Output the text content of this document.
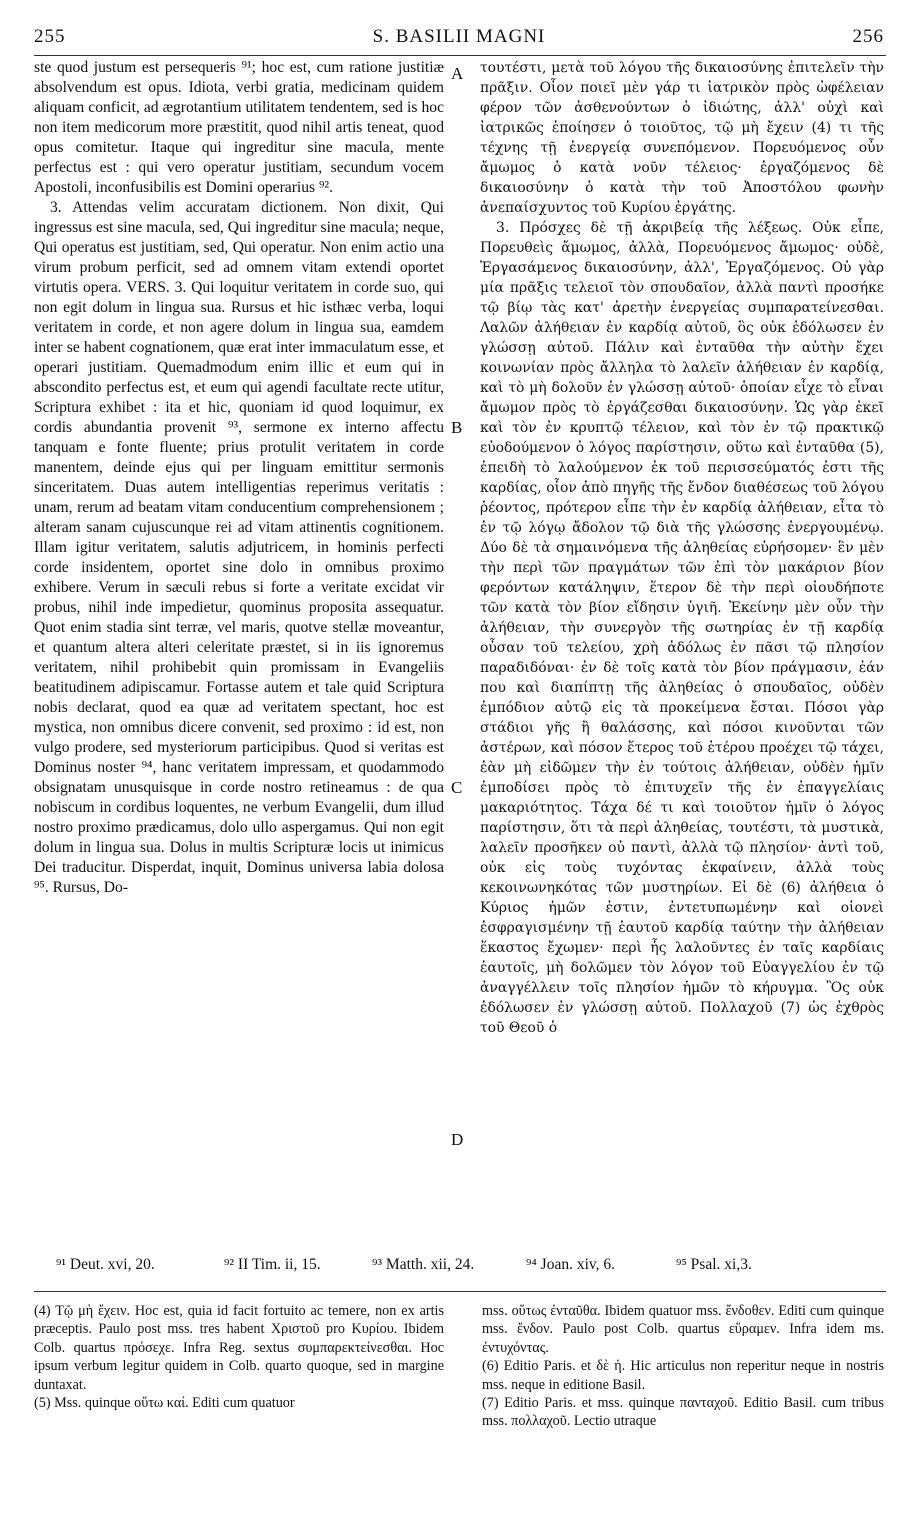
255	S. BASILII MAGNI	256

ste quod justum est persequeris ⁹¹; hoc est, cum ratione justitiæ absolvendum est opus. Idiota, verbi gratia, medicinam quidem aliquam conficit, ad ægrotantium utilitatem tendentem, sed is hoc non item medicorum more præstitit, quod nihil artis teneat, quod opus comitetur. Itaque qui ingreditur sine macula, mente perfectus est : qui vero operatur justitiam, secundum vocem Apostoli, inconfusibilis est Domini operarius ⁹².

3. Attendas velim accuratam dictionem. Non dixit, Qui ingressus est sine macula, sed, Qui ingreditur sine macula; neque, Qui operatus est justitiam, sed, Qui operatur. Non enim actio una virum probum perficit, sed ad omnem vitam extendi oportet virtutis opera. VERS. 3. Qui loquitur veritatem in corde suo, qui non egit dolum in lingua sua. Rursus et hic isthæc verba, loqui veritatem in corde, et non agere dolum in lingua sua, eamdem inter se habent cognationem, quæ erat inter immaculatum esse, et operari justitiam. Quemadmodum enim illic et eum qui in abscondito perfectus est, et eum qui agendi facultate recte utitur, Scriptura exhibet : ita et hic, quoniam id quod loquimur, ex cordis abundantia provenit ⁹³, sermone ex interno affectu tanquam e fonte fluente; prius protulit veritatem in corde manentem, deinde ejus qui per linguam emittitur sermonis sinceritatem. Duas autem intelligentias reperimus veritatis : unam, rerum ad beatam vitam conducentium comprehensionem ; alteram sanam cujuscunque rei ad vitam attinentis cognitionem. Illam igitur veritatem, salutis adjutricem, in hominis perfecti corde insidentem, oportet sine dolo in omnibus proximo exhibere. Verum in sæculi rebus si forte a veritate excidat vir probus, nihil inde impedietur, quominus proposita assequatur. Quot enim stadia sint terræ, vel maris, quotve stellæ moveantur, et quantum altera alteri celeritate præstet, si in iis ignoremus veritatem, nihil prohibebit quin promissam in Evangeliis beatitudinem adipiscamur. Fortasse autem et tale quid Scriptura nobis declarat, quod ea quæ ad veritatem spectant, hoc est mystica, non omnibus dicere convenit, sed proximo : id est, non vulgo prodere, sed mysteriorum participibus. Quod si veritas est Dominus noster ⁹⁴, hanc veritatem impressam, et quodammodo obsignatam unusquisque in corde nostro retineamus : de qua nobiscum in cordibus loquentes, ne verbum Evangelii, dum illud nostro proximo prædicamus, dolo ullo aspergamus. Qui non egit dolum in lingua sua. Dolus in multis Scripturæ locis ut inimicus Dei traducitur. Disperdat, inquit, Dominus universa labia dolosa ⁹⁵. Rursus, Do-

A
B
C
D

τουτέστι, μετὰ τοῦ λόγου τῆς δικαιοσύνης ἐπιτελεῖν τὴν πρᾶξιν. Οἷον ποιεῖ μὲν γάρ τι ἰατρικὸν πρὸς ὠφέλειαν φέρον τῶν ἀσθενούντων ὁ ἰδιώτης, ἀλλ' οὐχὶ καὶ ἰατρικῶς ἐποίησεν ὁ τοιοῦτος, τῷ μὴ ἔχειν (4) τι τῆς τέχνης τῇ ἐνεργείᾳ συνεπόμενον. Πορευόμενος οὖν ἄμωμος ὁ κατὰ νοῦν τέλειος· ἐργαζόμενος δὲ δικαιοσύνην ὁ κατὰ τὴν τοῦ Ἀποστόλου φωνὴν ἀνεπαίσχυντος τοῦ Κυρίου ἐργάτης.

3. Πρόσχες δὲ τῇ ἀκριβείᾳ τῆς λέξεως. Οὐκ εἶπε, Πορευθεὶς ἄμωμος, ἀλλὰ, Πορευόμενος ἄμωμος· οὐδὲ, Ἐργασάμενος δικαιοσύνην, ἀλλ', Ἐργαζόμενος. Οὐ γὰρ μία πρᾶξις τελειοῖ τὸν σπουδαῖον, ἀλλὰ παντὶ προσήκε τῷ βίῳ τὰς κατ' ἀρετὴν ἐνεργείας συμπαρατείνεσθαι. Λαλῶν ἀλήθειαν ἐν καρδίᾳ αὐτοῦ, ὃς οὐκ ἐδόλωσεν ἐν γλώσσῃ αὐτοῦ. Πάλιν καὶ ἐνταῦθα τὴν αὐτὴν ἔχει κοινωνίαν πρὸς ἄλληλα τὸ λαλεῖν ἀλήθειαν ἐν καρδίᾳ, καὶ τὸ μὴ δολοῦν ἐν γλώσσῃ αὐτοῦ· ὁποίαν εἶχε τὸ εἶναι ἄμωμον πρὸς τὸ ἐργάζεσθαι δικαιοσύνην. Ὡς γὰρ ἐκεῖ καὶ τὸν ἐν κρυπτῷ τέλειον, καὶ τὸν ἐν τῷ πρακτικῷ εὐοδούμενον ὁ λόγος παρίστησιν, οὕτω καὶ ἐνταῦθα (5), ἐπειδὴ τὸ λαλούμενον ἐκ τοῦ περισσεύματός ἐστι τῆς καρδίας, οἷον ἀπὸ πηγῆς τῆς ἔνδον διαθέσεως τοῦ λόγου ῥέοντος, πρότερον εἶπε τὴν ἐν καρδίᾳ ἀλήθειαν, εἶτα τὸ ἐν τῷ λόγῳ ἄδολον τῷ διὰ τῆς γλώσσης ἐνεργουμένῳ. Δύο δὲ τὰ σημαινόμενα τῆς ἀληθείας εὑρήσομεν· ἓν μὲν τὴν περὶ τῶν πραγμάτων τῶν ἐπὶ τὸν μακάριον βίον φερόντων κατάληψιν, ἕτερον δὲ τὴν περὶ οἱουδήποτε τῶν κατὰ τὸν βίον εἴδησιν ὑγιῆ. Ἐκείνην μὲν οὖν τὴν ἀλήθειαν, τὴν συνεργὸν τῆς σωτηρίας ἐν τῇ καρδίᾳ οὖσαν τοῦ τελείου, χρὴ ἀδόλως ἐν πᾶσι τῷ πλησίον παραδιδόναι· ἐν δὲ τοῖς κατὰ τὸν βίον πράγμασιν, ἐάν που καὶ διαπίπτῃ τῆς ἀληθείας ὁ σπουδαῖος, οὐδὲν ἐμπόδιον αὐτῷ εἰς τὰ προκείμενα ἔσται. Πόσοι γὰρ στάδιοι γῆς ἢ θαλάσσης, καὶ πόσοι κινοῦνται τῶν ἀστέρων, καὶ πόσον ἕτερος τοῦ ἑτέρου προέχει τῷ τάχει, ἐὰν μὴ εἰδῶμεν τὴν ἐν τούτοις ἀλήθειαν, οὐδὲν ἡμῖν ἐμποδίσει πρὸς τὸ ἐπιτυχεῖν τῆς ἐν ἐπαγγελίαις μακαριότητος. Τάχα δέ τι καὶ τοιοῦτον ἡμῖν ὁ λόγος παρίστησιν, ὅτι τὰ περὶ ἀληθείας, τουτέστι, τὰ μυστικὰ, λαλεῖν προσῆκεν οὐ παντὶ, ἀλλὰ τῷ πλησίον· ἀντὶ τοῦ, οὐκ εἰς τοὺς τυχόντας ἐκφαίνειν, ἀλλὰ τοὺς κεκοινωνηκότας τῶν μυστηρίων. Εἰ δὲ (6) ἀλήθεια ὁ Κύριος ἡμῶν ἐστιν, ἐντετυπωμένην καὶ οἱονεὶ ἐσφραγισμένην τῇ ἑαυτοῦ καρδίᾳ ταύτην τὴν ἀλήθειαν ἕκαστος ἔχωμεν· περὶ ἧς λαλοῦντες ἐν ταῖς καρδίαις ἑαυτοῖς, μὴ δολῶμεν τὸν λόγον τοῦ Εὐαγγελίου ἐν τῷ ἀναγγέλλειν τοῖς πλησίον ἡμῶν τὸ κήρυγμα. Ὃς οὐκ ἐδόλωσεν ἐν γλώσσῃ αὐτοῦ. Πολλαχοῦ (7) ὡς ἐχθρὸς τοῦ Θεοῦ ὁ

⁹¹ Deut. xvi, 20.	⁹² II Tim. ii, 15.	⁹³ Matth. xii, 24.	⁹⁴ Joan. xiv, 6.	⁹⁵ Psal. xi,3.

(4) Τῷ μὴ ἔχειν. Hoc est, quia id facit fortuito ac temere, non ex artis præceptis. Paulo post mss. tres habent Χριστοῦ pro Κυρίου. Ibidem Colb. quartus πρόσεχε. Infra Reg. sextus συμπαρεκτείνεσθαι. Hoc ipsum verbum legitur quidem in Colb. quarto quoque, sed in margine duntaxat.

(5) Mss. quinque οὕτω καί. Editi cum quatuor

mss. οὕτως ἐνταῦθα. Ibidem quatuor mss. ἔνδοθεν. Editi cum quinque mss. ἔνδον. Paulo post Colb. quartus εὕραμεν. Infra idem ms. ἐντυχόντας.

(6) Editio Paris. et δὲ ἡ. Hic articulus non reperitur neque in nostris mss. neque in editione Basil.

(7) Editio Paris. et mss. quinque πανταχοῦ. Editio Basil. cum tribus mss. πολλαχοῦ. Lectio utraque
